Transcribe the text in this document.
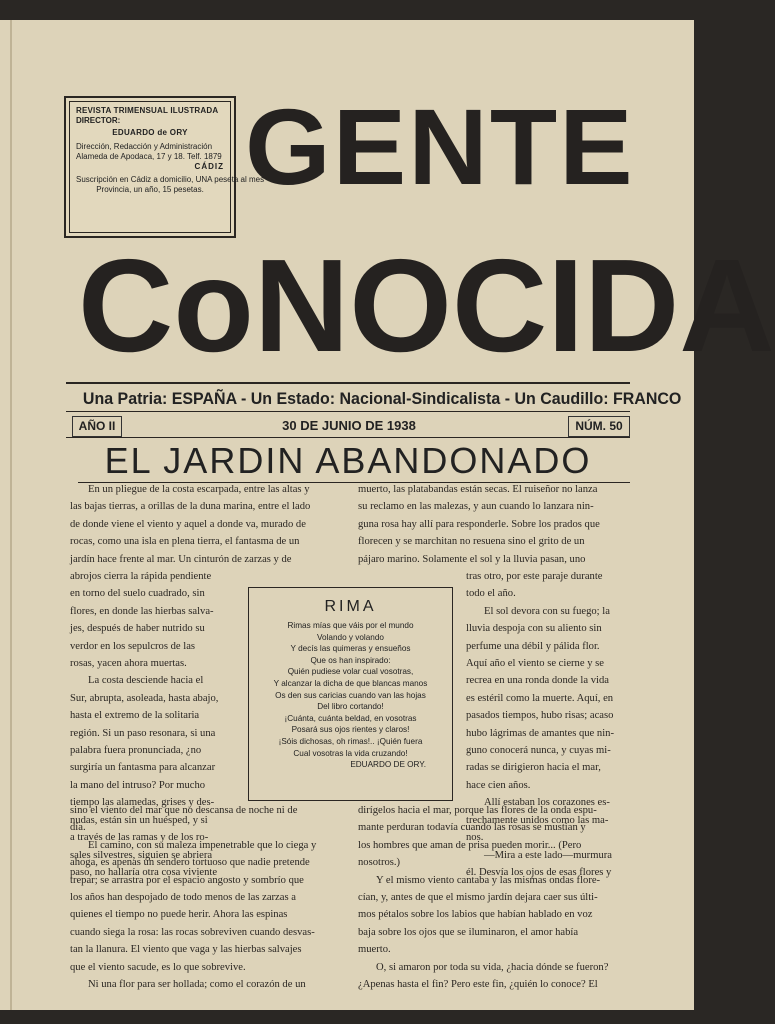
REVISTA TRIMENSUAL ILUSTRADA
DIRECTOR:
EDUARDO de ORY
Dirección, Redacción y Administración
Alameda de Apodaca, 17 y 18. Telf. 1879
CÁDIZ
Suscripción en Cádiz a domicilio, UNA peseta al mes
Provincia, un año, 15 pesetas. GENTE
CoNOCIDA
Una Patria: ESPAÑA - Un Estado: Nacional-Sindicalista - Un Caudillo: FRANCO
AÑO II	30 DE JUNIO DE 1938	NÚM. 50
EL JARDIN ABANDONADO

En un pliegue de la costa escarpada, entre las altas y

las bajas tierras, a orillas de la duna marina, entre el lado

de donde viene el viento y aquel a donde va, murado de

rocas, como una isla en plena tierra, el fantasma de un

jardín hace frente al mar. Un cinturón de zarzas y de

abrojos cierra la rápida pendiente

en torno del suelo cuadrado, sin

flores, en donde las hierbas salva-

jes, después de haber nutrido su

verdor en los sepulcros de las

rosas, yacen ahora muertas.

La costa desciende hacia el

Sur, abrupta, asoleada, hasta abajo,

hasta el extremo de la solitaria

región. Si un paso resonara, si una

palabra fuera pronunciada, ¿no

surgiría un fantasma para alcanzar

la mano del intruso? Por mucho

tiempo las alamedas, grises y des-

nudas, están sin un huésped, y si

a través de las ramas y de los ro-

sales silvestres, siguien se abriera

paso, no hallaría otra cosa viviente

sino el viento del mar que no descansa de noche ni de

día.

El camino, con su maleza impenetrable que lo ciega y

ahoga, es apenas un sendero tortuoso que nadie pretende

trepar; se arrastra por el espacio angosto y sombrío que

los años han despojado de todo menos de las zarzas a

quienes el tiempo no puede herir. Ahora las espinas

cuando siega la rosa: las rocas sobreviven cuando desvas-

tan la llanura. El viento que vaga y las hierbas salvajes

que el viento sacude, es lo que sobrevive.

Ni una flor para ser hollada; como el corazón de un

muerto, las platabandas están secas. El ruiseñor no lanza

su reclamo en las malezas, y aun cuando lo lanzara nin-

guna rosa hay allí para responderle. Sobre los prados que

florecen y se marchitan no resuena sino el grito de un

pájaro marino. Solamente el sol y la lluvia pasan, uno

tras otro, por este paraje durante

todo el año.

El sol devora con su fuego; la

lluvia despoja con su aliento sin

perfume una débil y pálida flor.

Aquí año el viento se cierne y se

recrea en una ronda donde la vida

es estéril como la muerte. Aquí, en

pasados tiempos, hubo risas; acaso

hubo lágrimas de amantes que nin-

guno conocerá nunca, y cuyas mi-

radas se dirigieron hacia el mar,

hace cien años.

Allí estaban los corazones es-

trechamente unidos como las ma-

nos.

—Mira a este lado—murmura

él. Desvía los ojos de esas flores y

dirígelos hacia el mar, porque las flores de la onda espu-

mante perduran todavía cuando las rosas se mustian y

los hombres que aman de prisa pueden morir... (Pero

nosotros.)

Y el mismo viento cantaba y las mismas ondas flore-

cían, y, antes de que el mismo jardín dejara caer sus últi-

mos pétalos sobre los labios que habían hablado en voz

baja sobre los ojos que se iluminaron, el amor había

muerto.

O, si amaron por toda su vida, ¿hacia dónde se fueron?

¿Apenas hasta el fin? Pero este fin, ¿quién lo conoce? El

RIMA
Rimas mías que váis por el mundo
Volando y volando
Y decís las quimeras y ensueños
Que os han inspirado:
Quién pudiese volar cual vosotras,
Y alcanzar la dicha de que blancas manos
Os den sus caricias cuando van las hojas
Del libro cortando!
¡Cuánta, cuánta beldad, en vosotras
Posará sus ojos rientes y claros!
¡Sóis dichosas, oh rimas!.. ¡Quién fuera
Cual vosotras la vida cruzando!
EDUARDO DE ORY.
